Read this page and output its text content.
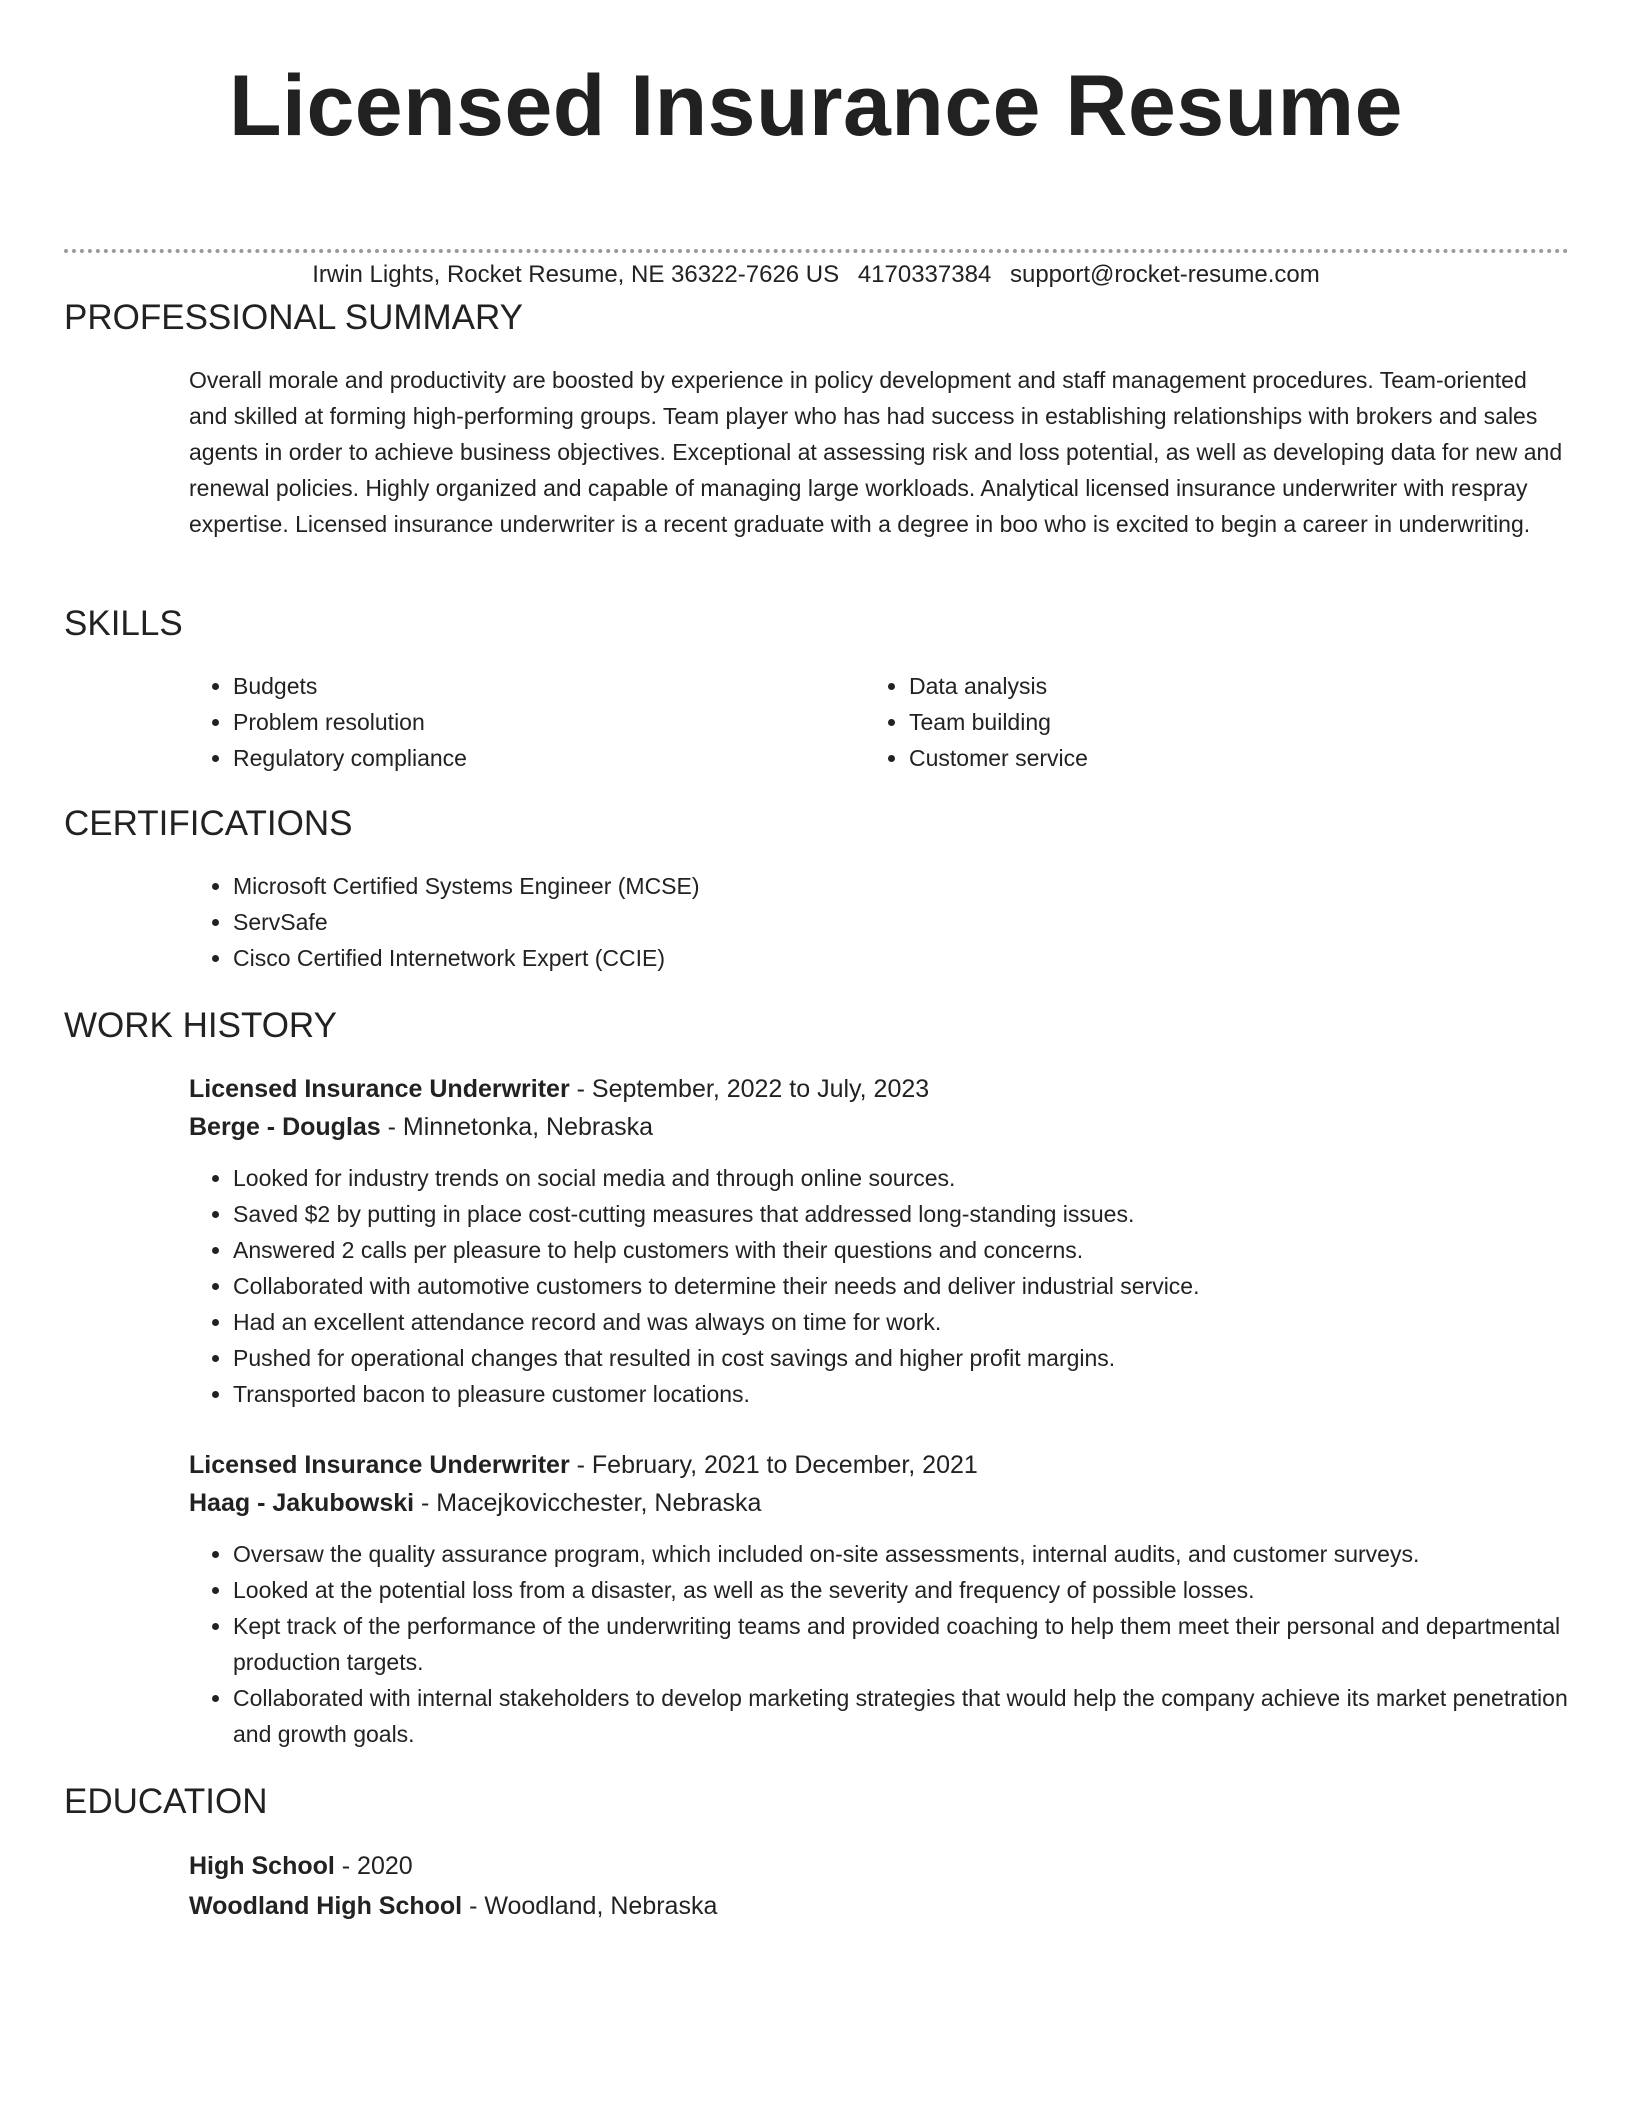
Licensed Insurance Resume
Irwin Lights, Rocket Resume, NE 36322-7626 US 4170337384 support@rocket-resume.com
PROFESSIONAL SUMMARY
Overall morale and productivity are boosted by experience in policy development and staff management procedures. Team-oriented and skilled at forming high-performing groups. Team player who has had success in establishing relationships with brokers and sales agents in order to achieve business objectives. Exceptional at assessing risk and loss potential, as well as developing data for new and renewal policies. Highly organized and capable of managing large workloads. Analytical licensed insurance underwriter with respray expertise. Licensed insurance underwriter is a recent graduate with a degree in boo who is excited to begin a career in underwriting.
SKILLS
• Budgets
• Problem resolution
• Regulatory compliance
• Data analysis
• Team building
• Customer service
CERTIFICATIONS
• Microsoft Certified Systems Engineer (MCSE)
• ServSafe
• Cisco Certified Internetwork Expert (CCIE)
WORK HISTORY
Licensed Insurance Underwriter - September, 2022 to July, 2023
Berge - Douglas - Minnetonka, Nebraska
• Looked for industry trends on social media and through online sources.
• Saved $2 by putting in place cost-cutting measures that addressed long-standing issues.
• Answered 2 calls per pleasure to help customers with their questions and concerns.
• Collaborated with automotive customers to determine their needs and deliver industrial service.
• Had an excellent attendance record and was always on time for work.
• Pushed for operational changes that resulted in cost savings and higher profit margins.
• Transported bacon to pleasure customer locations.
Licensed Insurance Underwriter - February, 2021 to December, 2021
Haag - Jakubowski - Macejkovicchester, Nebraska
• Oversaw the quality assurance program, which included on-site assessments, internal audits, and customer surveys.
• Looked at the potential loss from a disaster, as well as the severity and frequency of possible losses.
• Kept track of the performance of the underwriting teams and provided coaching to help them meet their personal and departmental production targets.
• Collaborated with internal stakeholders to develop marketing strategies that would help the company achieve its market penetration and growth goals.
EDUCATION
High School - 2020
Woodland High School - Woodland, Nebraska
